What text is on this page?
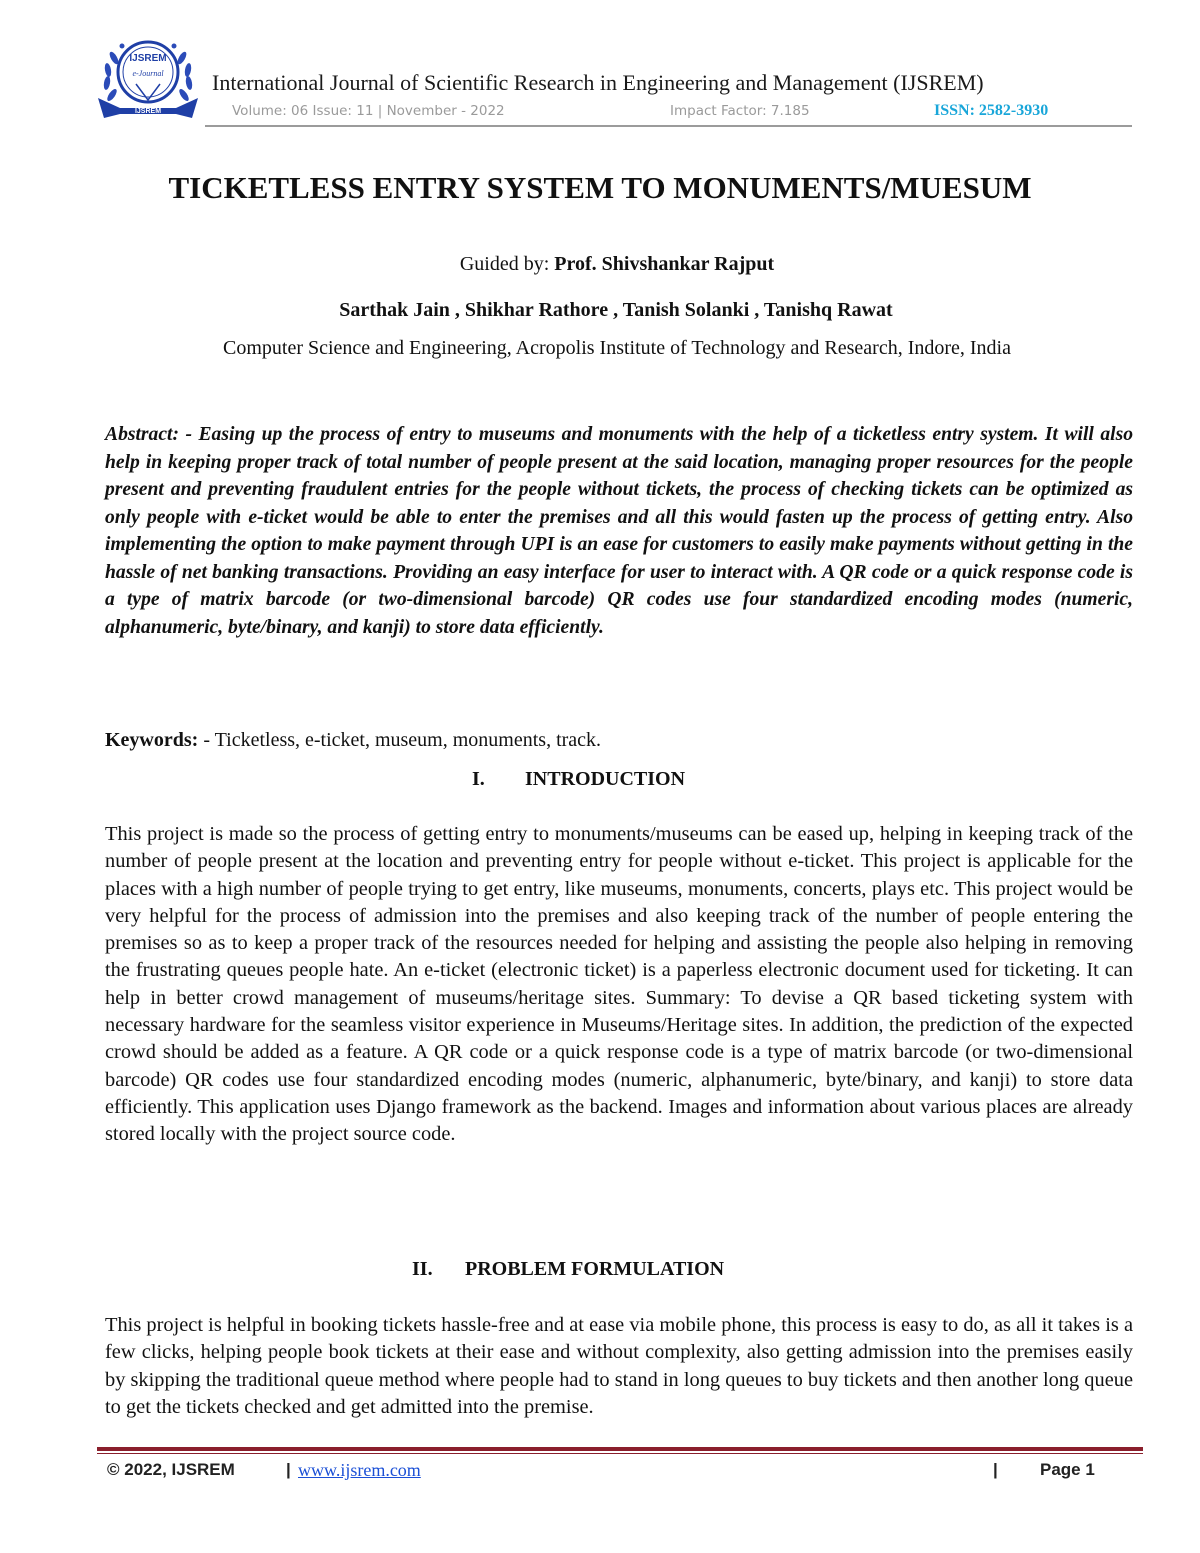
IJSREM
e-Journal
IJSREM
International Journal of Scientific Research in Engineering and Management (IJSREM)
Volume: 06 Issue: 11 | November - 2022	Impact Factor: 7.185	ISSN: 2582-3930
TICKETLESS ENTRY SYSTEM TO MONUMENTS/MUESUM
Guided by: Prof. Shivshankar Rajput
Sarthak Jain , Shikhar Rathore , Tanish Solanki , Tanishq Rawat
Computer Science and Engineering, Acropolis Institute of Technology and Research, Indore, India

Abstract: - Easing up the process of entry to museums and monuments with the help of a ticketless entry system. It will also help in keeping proper track of total number of people present at the said location, managing proper resources for the people present and preventing fraudulent entries for the people without tickets, the process of checking tickets can be optimized as only people with e-ticket would be able to enter the premises and all this would fasten up the process of getting entry. Also implementing the option to make payment through UPI is an ease for customers to easily make payments without getting in the hassle of net banking transactions. Providing an easy interface for user to interact with. A QR code or a quick response code is a type of matrix barcode (or two-dimensional barcode) QR codes use four standardized encoding modes (numeric, alphanumeric, byte/binary, and kanji) to store data efficiently.

Keywords: - Ticketless, e-ticket, museum, monuments, track.

I. INTRODUCTION

This project is made so the process of getting entry to monuments/museums can be eased up, helping in keeping track of the number of people present at the location and preventing entry for people without e-ticket. This project is applicable for the places with a high number of people trying to get entry, like museums, monuments, concerts, plays etc. This project would be very helpful for the process of admission into the premises and also keeping track of the number of people entering the premises so as to keep a proper track of the resources needed for helping and assisting the people also helping in removing the frustrating queues people hate. An e-ticket (electronic ticket) is a paperless electronic document used for ticketing. It can help in better crowd management of museums/heritage sites. Summary: To devise a QR based ticketing system with necessary hardware for the seamless visitor experience in Museums/Heritage sites. In addition, the prediction of the expected crowd should be added as a feature. A QR code or a quick response code is a type of matrix barcode (or two-dimensional barcode) QR codes use four standardized encoding modes (numeric, alphanumeric, byte/binary, and kanji) to store data efficiently. This application uses Django framework as the backend. Images and information about various places are already stored locally with the project source code.

II. PROBLEM FORMULATION

This project is helpful in booking tickets hassle-free and at ease via mobile phone, this process is easy to do, as all it takes is a few clicks, helping people book tickets at their ease and without complexity, also getting admission into the premises easily by skipping the traditional queue method where people had to stand in long queues to buy tickets and then another long queue to get the tickets checked and get admitted into the premise.

© 2022, IJSREM	| www.ijsrem.com	| Page 1
